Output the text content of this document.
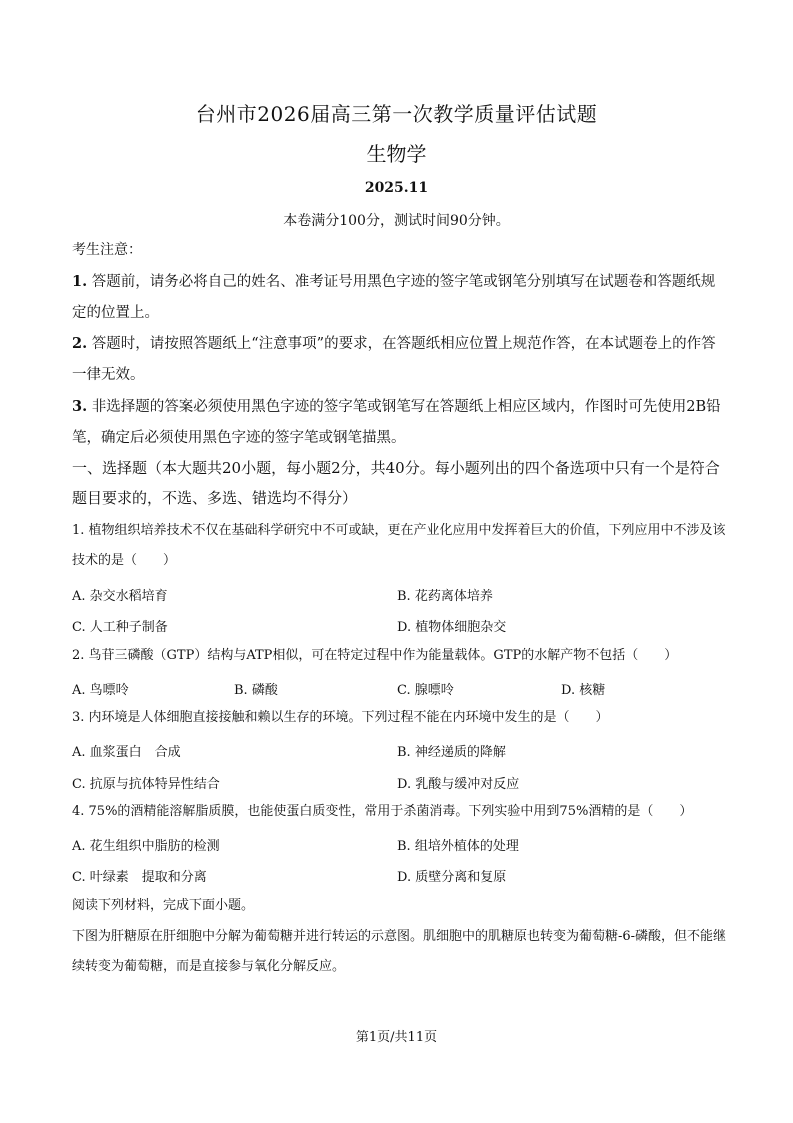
台州市2026届高三第一次教学质量评估试题
生物学
2025.11
本卷满分100分，测试时间90分钟。
考生注意：
1. 答题前，请务必将自己的姓名、准考证号用黑色字迹的签字笔或钢笔分别填写在试题卷和答题纸规定的位置上。
2. 答题时，请按照答题纸上“注意事项”的要求，在答题纸相应位置上规范作答，在本试题卷上的作答一律无效。
3. 非选择题的答案必须使用黑色字迹的签字笔或钢笔写在答题纸上相应区域内，作图时可先使用2B铅笔，确定后必须使用黑色字迹的签字笔或钢笔描黑。
一、选择题（本大题共20小题，每小题2分，共40分。每小题列出的四个备选项中只有一个是符合题目要求的，不选、多选、错选均不得分）
1. 植物组织培养技术不仅在基础科学研究中不可或缺，更在产业化应用中发挥着巨大的价值，下列应用中不涉及该技术的是（　　）
A. 杂交水稻培育	B. 花药离体培养
C. 人工种子制备	D. 植物体细胞杂交
2. 鸟苷三磷酸（GTP）结构与ATP相似，可在特定过程中作为能量载体。GTP的水解产物不包括（　　）
A. 鸟嘌呤	B. 磷酸	C. 腺嘌呤	D. 核糖
3. 内环境是人体细胞直接接触和赖以生存的环境。下列过程不能在内环境中发生的是（　　）
A. 血浆蛋白　合成	B. 神经递质的降解
C. 抗原与抗体特异性结合	D. 乳酸与缓冲对反应
4. 75%的酒精能溶解脂质膜，也能使蛋白质变性，常用于杀菌消毒。下列实验中用到75%酒精的是（　　）
A. 花生组织中脂肪的检测	B. 组培外植体的处理
C. 叶绿素　提取和分离	D. 质壁分离和复原
阅读下列材料，完成下面小题。
下图为肝糖原在肝细胞中分解为葡萄糖并进行转运的示意图。肌细胞中的肌糖原也转变为葡萄糖-6-磷酸，但不能继续转变为葡萄糖，而是直接参与氧化分解反应。
第1页/共11页
